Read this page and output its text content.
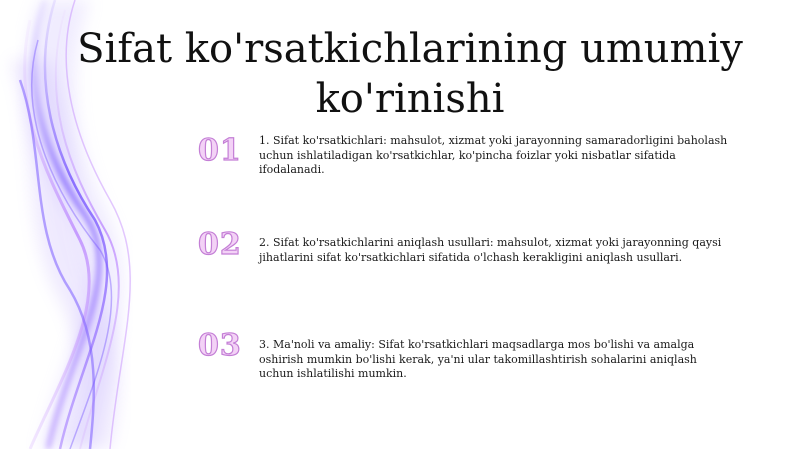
Sifat ko'rsatkichlarining umumiy ko'rinishi
01	1. Sifat ko'rsatkichlari: mahsulot, xizmat yoki jarayonning samaradorligini baholash uchun ishlatiladigan ko'rsatkichlar, ko'pincha foizlar yoki nisbatlar sifatida ifodalanadi.

02	2. Sifat ko'rsatkichlarini aniqlash usullari: mahsulot, xizmat yoki jarayonning qaysi jihatlarini sifat ko'rsatkichlari sifatida o'lchash kerakligini aniqlash usullari.

03	3. Ma'noli va amaliy: Sifat ko'rsatkichlari maqsadlarga mos bo'lishi va amalga oshirish mumkin bo'lishi kerak, ya'ni ular takomillashtirish sohalarini aniqlash uchun ishlatilishi mumkin.
